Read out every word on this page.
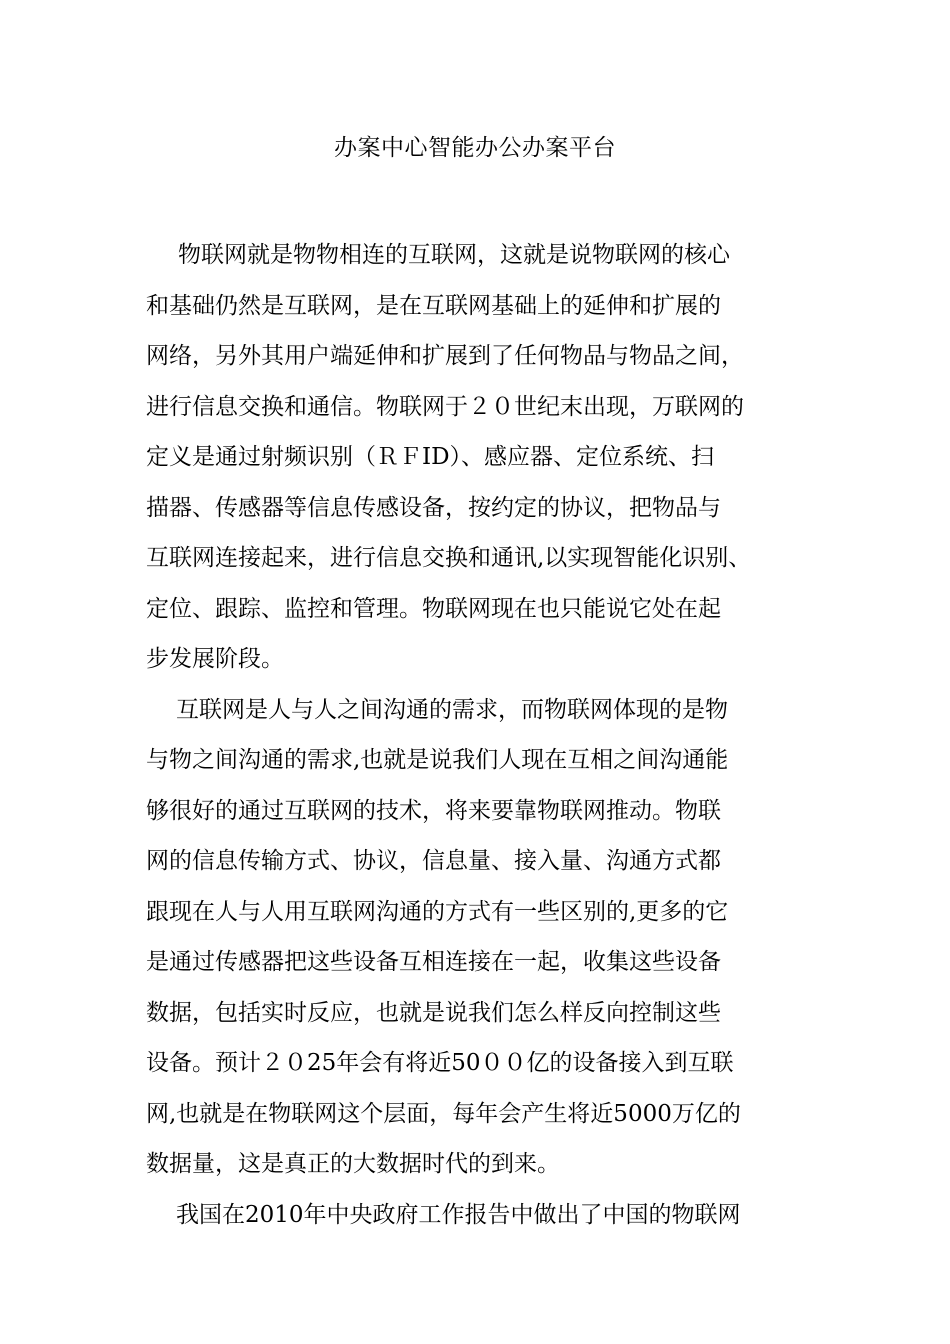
办案中心智能办公办案平台

物联网就是物物相连的互联网，这就是说物联网的核心
和基础仍然是互联网，是在互联网基础上的延伸和扩展的
网络，另外其用户端延伸和扩展到了任何物品与物品之间，
进行信息交换和通信。物联网于２０世纪末出现，万联网的
定义是通过射频识别（ＲＦID）、感应器、定位系统、扫
描器、传感器等信息传感设备，按约定的协议，把物品与
互联网连接起来，进行信息交换和通讯,以实现智能化识别、
定位、跟踪、监控和管理。物联网现在也只能说它处在起
步发展阶段。

互联网是人与人之间沟通的需求，而物联网体现的是物
与物之间沟通的需求,也就是说我们人现在互相之间沟通能
够很好的通过互联网的技术，将来要靠物联网推动。物联
网的信息传输方式、协议，信息量、接入量、沟通方式都
跟现在人与人用互联网沟通的方式有一些区别的,更多的它
是通过传感器把这些设备互相连接在一起，收集这些设备
数据，包括实时反应，也就是说我们怎么样反向控制这些
设备。预计２０25年会有将近50００亿的设备接入到互联
网,也就是在物联网这个层面，每年会产生将近5000万亿的
数据量，这是真正的大数据时代的到来。

我国在2010年中央政府工作报告中做出了中国的物联网
